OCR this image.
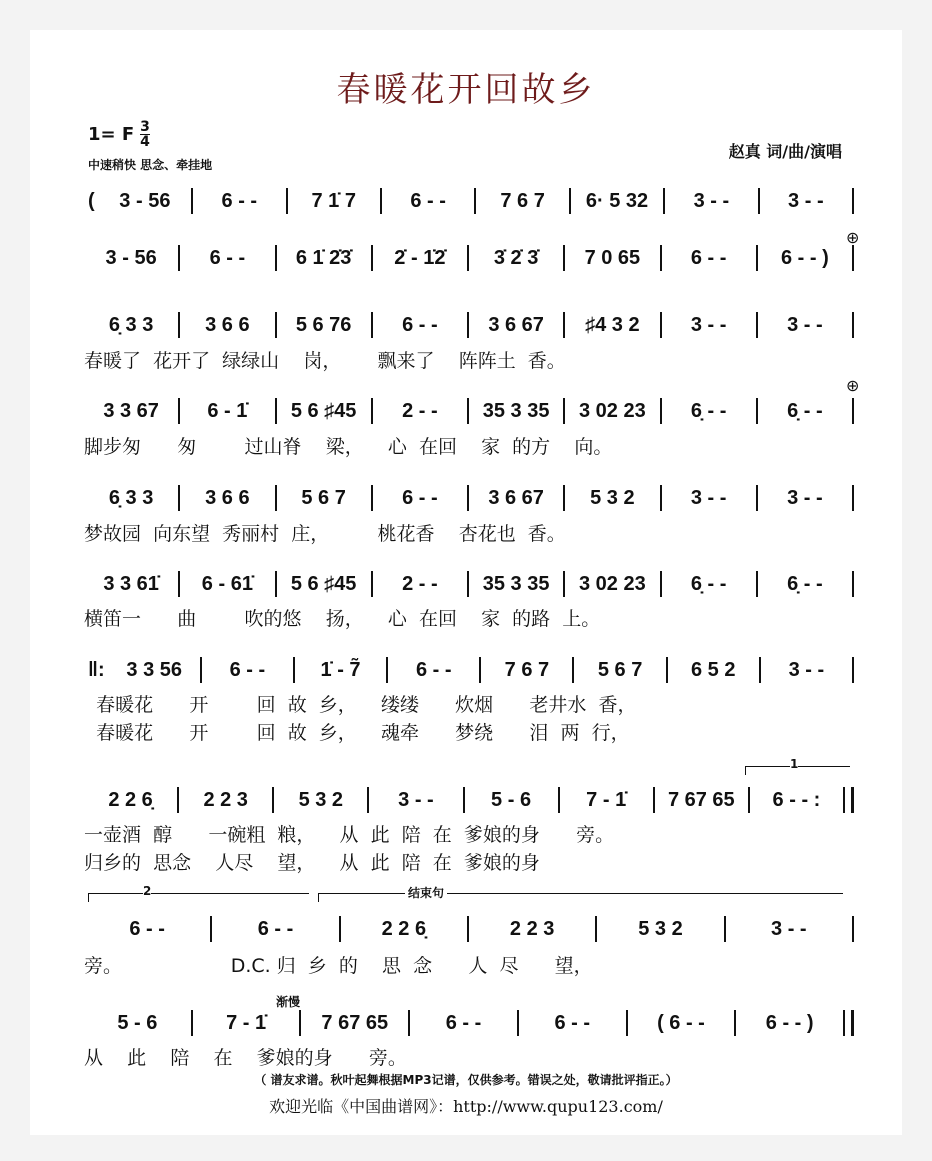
春暖花开回故乡
1= F $\frac{3}{4}$
中速稍快 思念、牵挂地
赵真 词/曲/演唱
(	3 - 56	6 - -	7 1̇ 7	6 - -	7 6 7	6· 5 32	3 - -	3 - -
3 - 56	6 - -	6 1̇ 2̇3̇	2̇ - 1̇2̇	3̇ 2̇ 3̇	7 0 65	6 - -	6 - - )
6̣ 3 3	3 6 6	5 6 76	6 - -	3 6 67	♯4 3 2	3 - -	3 - -
3 3 67	6 - 1̇	5 6 ♯45	2 - -	35 3 35	3 02 23	6̣ - -	6̣ - -
6̣ 3 3	3 6 6	5 6 7	6 - -	3 6 67	5 3 2	3 - -	3 - -
3 3 61̇	6 - 61̇	5 6 ♯45	2 - -	35 3 35	3 02 23	6̣ - -	6̣ - -
‖:	3 3 56	6 - -	1̇ - 7̃	6 - -	7 6 7	5 6 7	6 5 2	3 - -
2 2 6̣	2 2 3	5 3 2	3 - -	5 - 6	7 - 1̇	7 67 65	6 - - :
6 - -	6 - -	2 2 6̣	2 2 3	5 3 2	3 - -
5 - 6	7 - 1̇	7 67 65	6 - -	6 - -	( 6 - -	6 - - )
春暖了  花开了  绿绿山    岗，      飘来了    阵阵土  香。
脚步匆      匆        过山脊    梁，    心  在回    家  的方    向。
梦故园  向东望  秀丽村  庄，        桃花香    杏花也  香。
横笛一      曲        吹的悠    扬，    心  在回    家  的路  上。
春暖花      开        回  故  乡，    缕缕      炊烟      老井水  香，
春暖花      开        回  故  乡，    魂牵      梦绕      泪  两  行，
一壶酒  醇      一碗粗  粮，    从  此  陪  在  爹娘的身      旁。
归乡的  思念    人尽    望，    从  此  陪  在  爹娘的身
旁。                  D.C. 归  乡  的    思  念      人  尽      望，
从    此    陪    在    爹娘的身      旁。
⊕
⊕
1
2	结束句
渐慢
（ 谱友求谱。秋叶起舞根据MP3记谱，仅供参考。错误之处，敬请批评指正。）
欢迎光临《中国曲谱网》：http://www.qupu123.com/
